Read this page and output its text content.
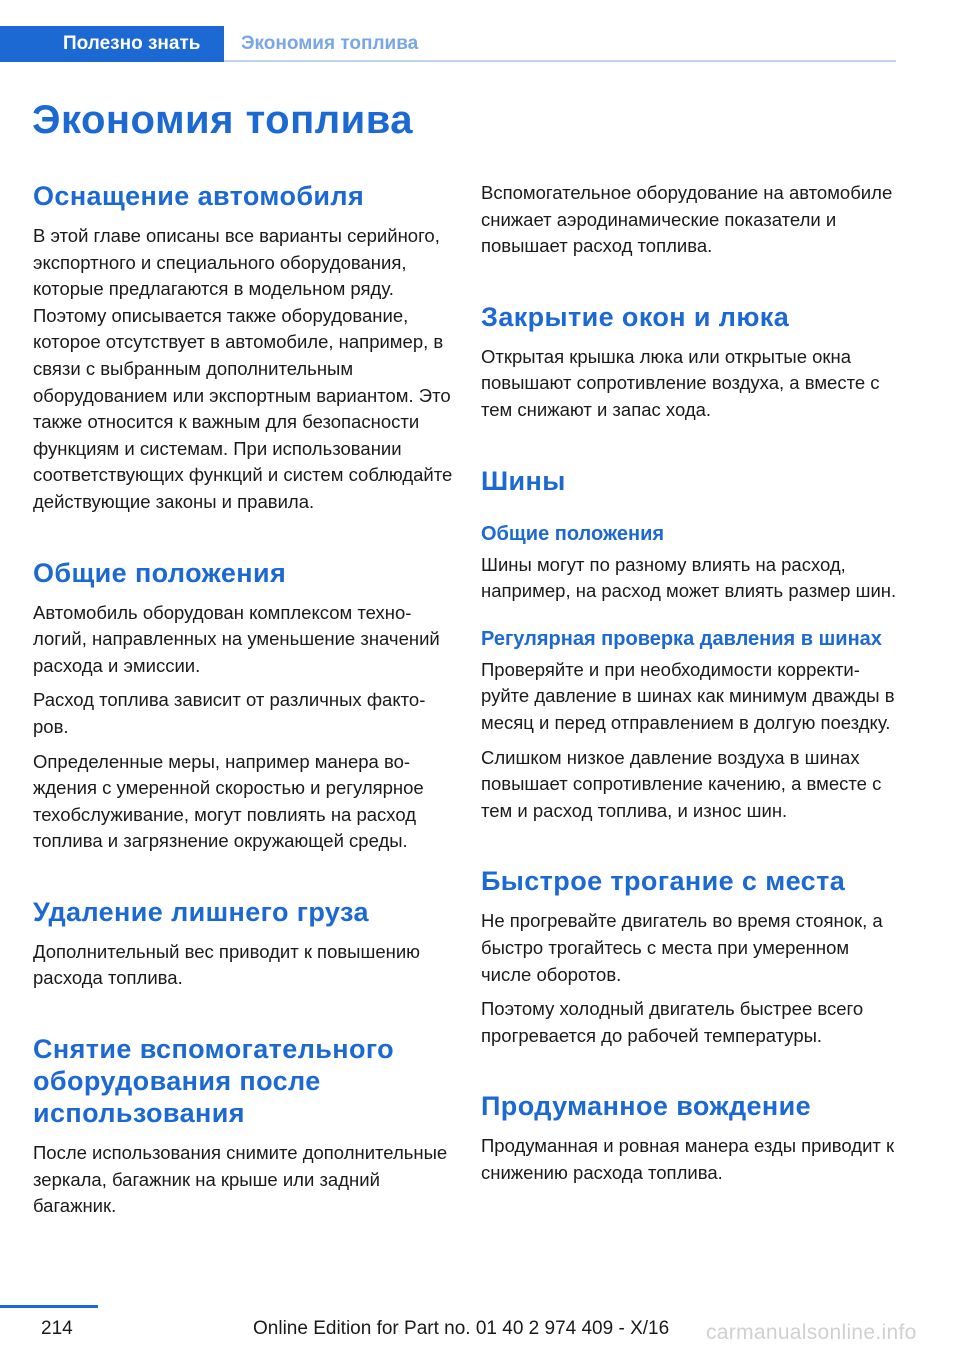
Полезно знать	Экономия топлива
Экономия топлива
Оснащение автомобиля

В этой главе описаны все варианты серийного, экспортного и специального оборудования, которые предлагаются в модельном ряду. Поэтому описывается также оборудование, которое отсутствует в автомобиле, например, в связи с выбранным дополнительным оборудованием или экспортным вариантом. Это также относится к важным для безопасности функциям и системам. При использовании соответствующих функций и систем соблюдайте действующие законы и правила.

Общие положения

Автомобиль оборудован комплексом технологий, направленных на уменьшение значений расхода и эмиссии.

Расход топлива зависит от различных факторов.

Определенные меры, например манера вождения с умеренной скоростью и регулярное техобслуживание, могут повлиять на расход топлива и загрязнение окружающей среды.

Удаление лишнего груза

Дополнительный вес приводит к повышению расхода топлива.

Снятие вспомогательного оборудования после использования

После использования снимите дополнительные зеркала, багажник на крыше или задний багажник.

Вспомогательное оборудование на автомобиле снижает аэродинамические показатели и повышает расход топлива.

Закрытие окон и люка

Открытая крышка люка или открытые окна повышают сопротивление воздуха, а вместе с тем снижают и запас хода.

Шины
Общие положения

Шины могут по разному влиять на расход, например, на расход может влиять размер шин.

Регулярная проверка давления в шинах

Проверяйте и при необходимости корректируйте давление в шинах как минимум дважды в месяц и перед отправлением в долгую поездку.

Слишком низкое давление воздуха в шинах повышает сопротивление качению, а вместе с тем и расход топлива, и износ шин.

Быстрое трогание с места

Не прогревайте двигатель во время стоянок, а быстро трогайтесь с места при умеренном числе оборотов.

Поэтому холодный двигатель быстрее всего прогревается до рабочей температуры.

Продуманное вождение

Продуманная и ровная манера езды приводит к снижению расхода топлива.

214	Online Edition for Part no. 01 40 2 974 409 - X/16 carmanualsonline.info
